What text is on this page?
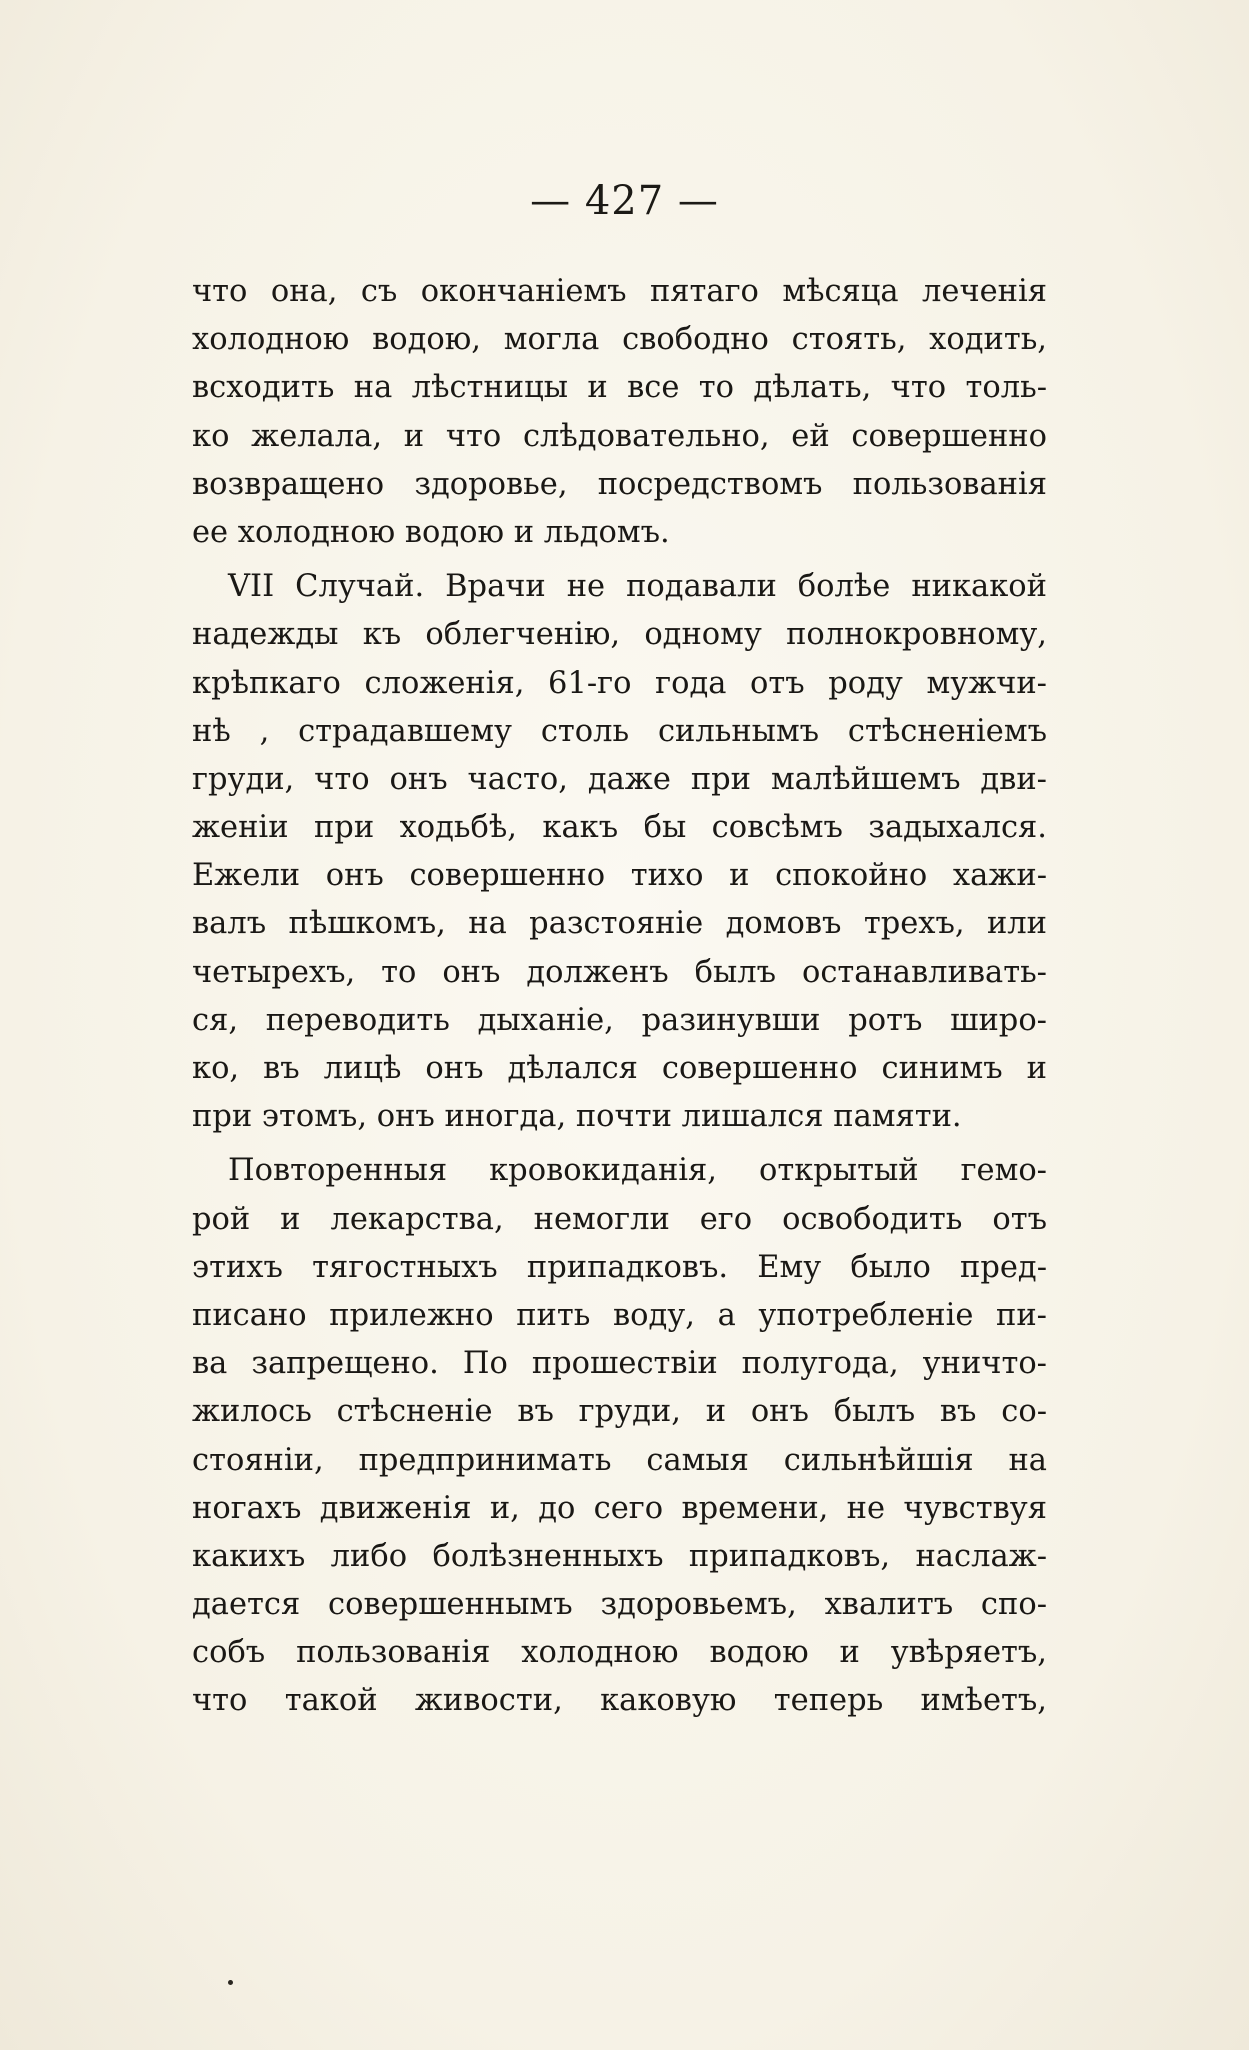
— 427 —
что она, съ окончаніемъ пятаго мѣсяца леченія
холодною водою, могла свободно стоять, ходить,
всходить на лѣстницы и все то дѣлать, что толь-
ко желала, и что слѣдовательно, ей совершенно
возвращено здоровье, посредствомъ пользованія
ее холодною водою и льдомъ.
VII Случай. Врачи не подавали болѣе никакой
надежды къ облегченію, одному полнокровному,
крѣпкаго сложенія, 61-го года отъ роду мужчи-
нѣ , страдавшему столь сильнымъ стѣсненіемъ
груди, что онъ часто, даже при малѣйшемъ дви-
женіи при ходьбѣ, какъ бы совсѣмъ задыхался.
Ежели онъ совершенно тихо и спокойно хажи-
валъ пѣшкомъ, на разстояніе домовъ трехъ, или
четырехъ, то онъ долженъ былъ останавливать-
ся, переводить дыханіе, разинувши ротъ широ-
ко, въ лицѣ онъ дѣлался совершенно синимъ и
при этомъ, онъ иногда, почти лишался памяти.
Повторенныя кровокиданія, открытый гемо-
рой и лекарства, немогли его освободить отъ
этихъ тягостныхъ припадковъ. Ему было пред-
писано прилежно пить воду, а употребленіе пи-
ва запрещено. По прошествіи полугода, уничто-
жилось стѣсненіе въ груди, и онъ былъ въ со-
стояніи, предпринимать самыя сильнѣйшія на
ногахъ движенія и, до сего времени, не чувствуя
какихъ либо болѣзненныхъ припадковъ, наслаж-
дается совершеннымъ здоровьемъ, хвалитъ спо-
собъ пользованія холодною водою и увѣряетъ,
что такой живости, каковую теперь имѣетъ,
